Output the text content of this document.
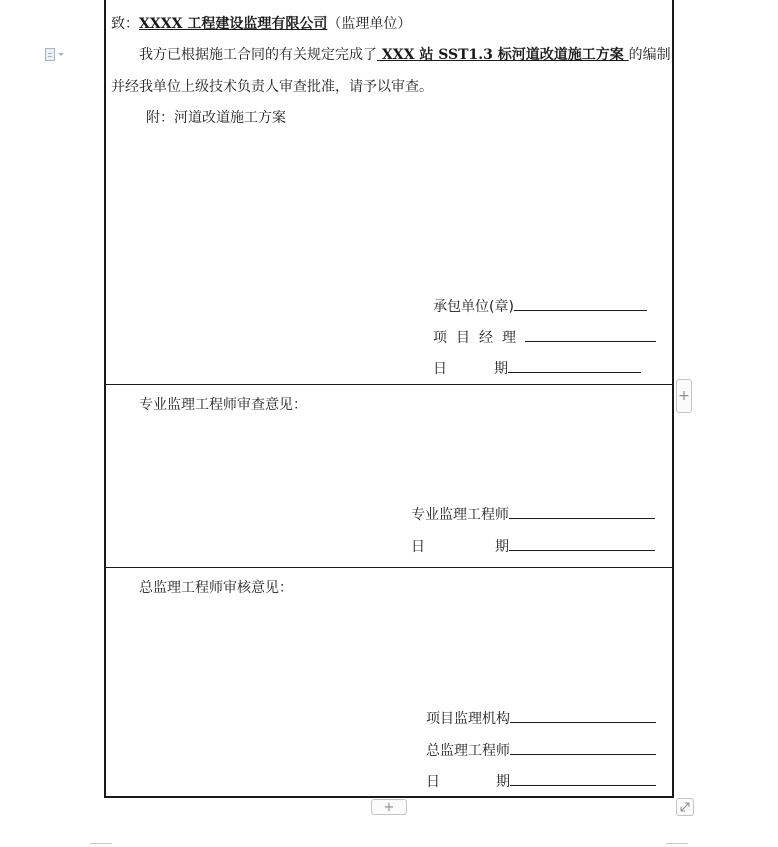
致：XXXX 工程建设监理有限公司（监理单位）
我方已根据施工合同的有关规定完成了 XXX 站 SST1.3 标河道改道施工方案 的编制，
并经我单位上级技术负责人审查批准，请予以审查。
附：河道改道施工方案
承包单位(章)
项目经理
日	期
专业监理工程师审查意见：
专业监理工程师
日	期
总监理工程师审核意见：
项目监理机构
总监理工程师
日	期
+
+
